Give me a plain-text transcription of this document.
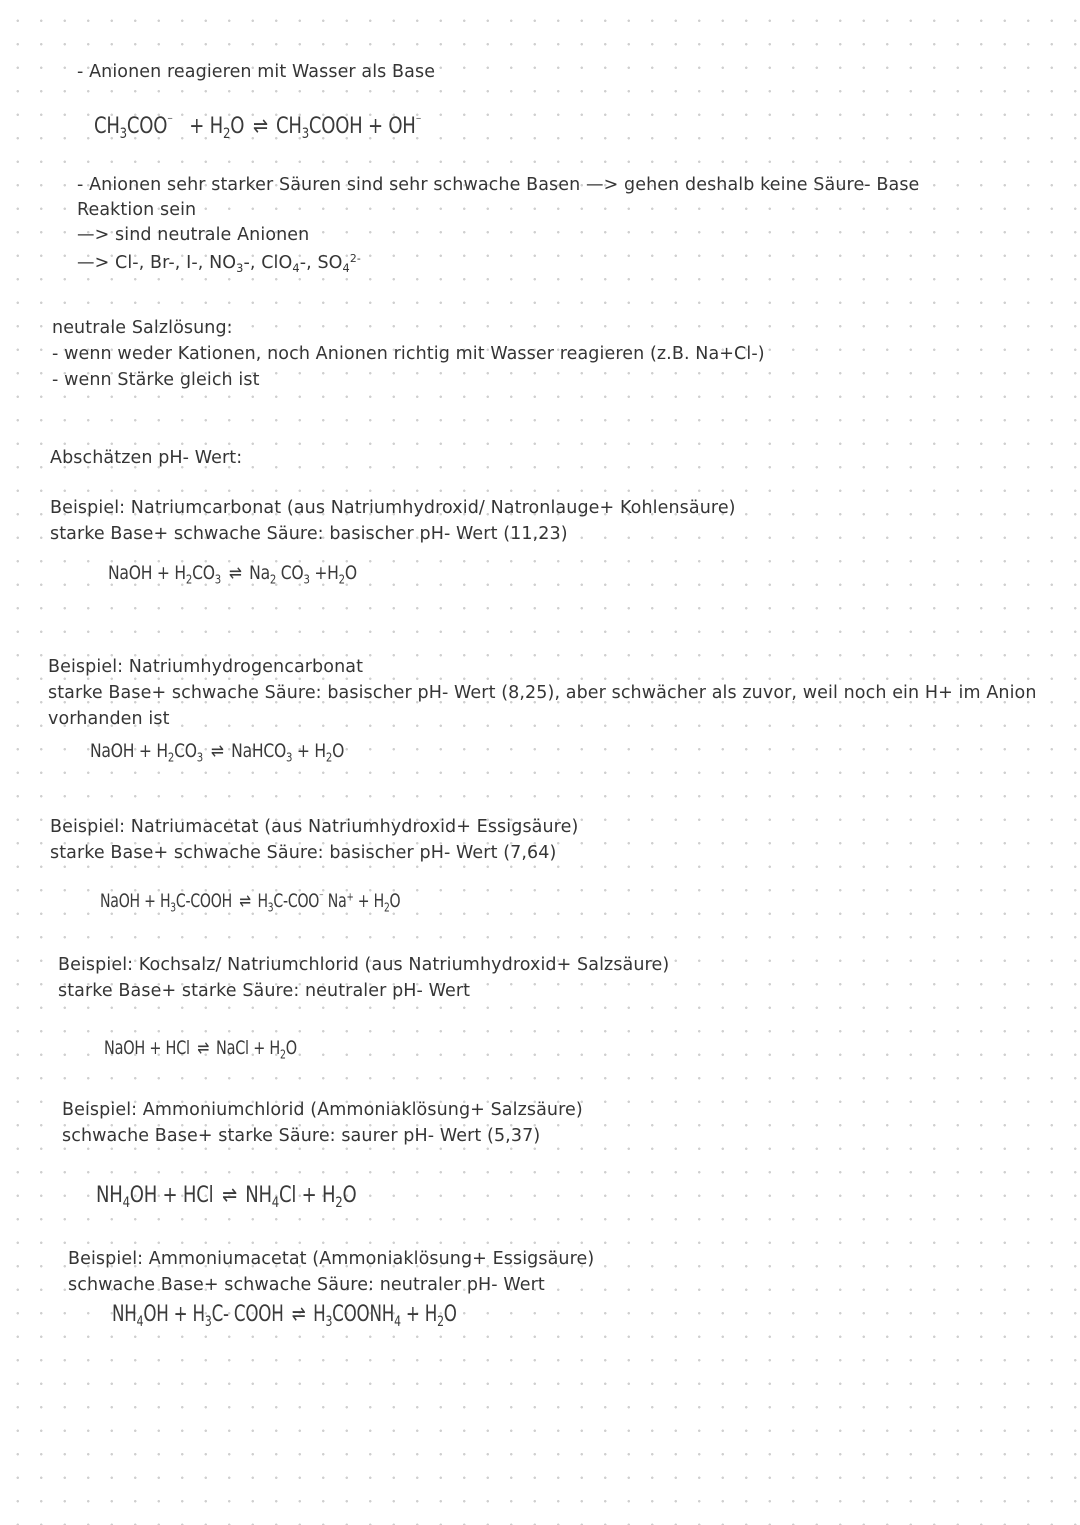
- Anionen reagieren mit Wasser als Base

$CH_3COO^{^-} + H_2O$ ⇌ $CH_3COOH + OH^{^-}$

- Anionen sehr starker Säuren sind sehr schwache Basen —> gehen deshalb keine Säure- Base

Reaktion sein

—> sind neutrale Anionen

—> Cl-, Br-, I-, $NO_3-$, ClO$_4$-, $SO_4^{2-}$

neutrale Salzlösung:

- wenn weder Kationen, noch Anionen richtig mit Wasser reagieren (z.B. Na+Cl-)

- wenn Stärke gleich ist

Abschätzen pH- Wert:

Beispiel: Natriumcarbonat (aus Natriumhydroxid/ Natronlauge+ Kohlensäure)

starke Base+ schwache Säure: basischer pH- Wert (11,23)

NaOH + $H_2CO_3$ ⇌ $Na_2$ $CO_3 +H_2O$

Beispiel: Natriumhydrogencarbonat

starke Base+ schwache Säure: basischer pH- Wert (8,25), aber schwächer als zuvor, weil noch ein H+ im Anion

vorhanden ist

NaOH + $H_2CO_3$ ⇌ NaHCO$_3$ + $H_2O$

Beispiel: Natriumacetat (aus Natriumhydroxid+ Essigsäure)

starke Base+ schwache Säure: basischer pH- Wert (7,64)

NaOH + $H_3C$-COOH ⇌ $H_3C-COO^{^-}$ $Na^+ + H_2O$

Beispiel: Kochsalz/ Natriumchlorid (aus Natriumhydroxid+ Salzsäure)

starke Base+ starke Säure: neutraler pH- Wert

NaOH + HCl ⇌ NaCl + $H_2O$

Beispiel: Ammoniumchlorid (Ammoniaklösung+ Salzsäure)

schwache Base+ starke Säure: saurer pH- Wert (5,37)

$NH_4OH$ + HCl ⇌ $NH_4Cl + H_2O$

Beispiel: Ammoniumacetat (Ammoniaklösung+ Essigsäure)

schwache Base+ schwache Säure: neutraler pH- Wert

$NH_4OH + H_3C-$ COOH ⇌ $H_3COONH_4 + H_2O$
